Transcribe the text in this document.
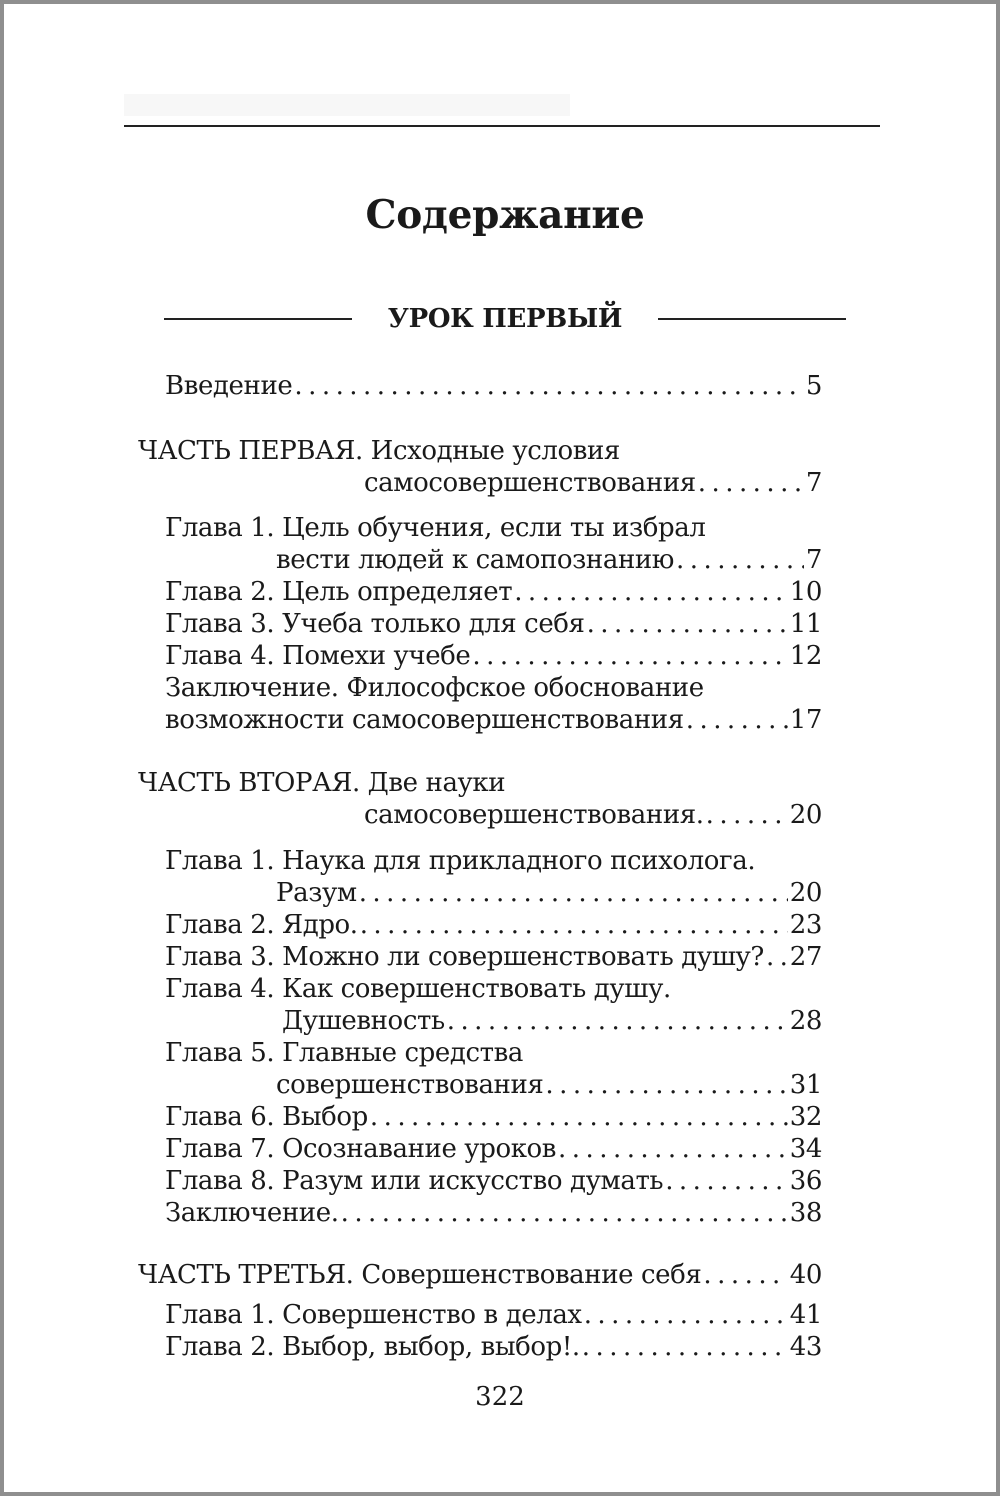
Содержание
УРОК ПЕРВЫЙ
Введение . . .	5
ЧАСТЬ ПЕРВАЯ. Исходные условия
самосовершенствования . . .	7
Глава 1. Цель обучения, если ты избрал
вести людей к самопознанию . . .	7
Глава 2. Цель определяет . . .	10
Глава 3. Учеба только для себя . . .	11
Глава 4. Помехи учебе . . .	12
Заключение. Философское обоснование
возможности самосовершенствования . . .	17
ЧАСТЬ ВТОРАЯ. Две науки
самосовершенствования. . . .	20
Глава 1. Наука для прикладного психолога.
Разум . . .	20
Глава 2. Ядро. . . .	23
Глава 3. Можно ли совершенствовать душу? . . . 27
Глава 4. Как совершенствовать душу.
Душевность . . .	28
Глава 5. Главные средства
совершенствования . . .	31
Глава 6. Выбор . . .	32
Глава 7. Осознавание уроков . . .	34
Глава 8. Разум или искусство думать . . .	36
Заключение. . . .	38
ЧАСТЬ ТРЕТЬЯ. Совершенствование себя . . .	40
Глава 1. Совершенство в делах . . .	41
Глава 2. Выбор, выбор, выбор!. . . .	43
322
